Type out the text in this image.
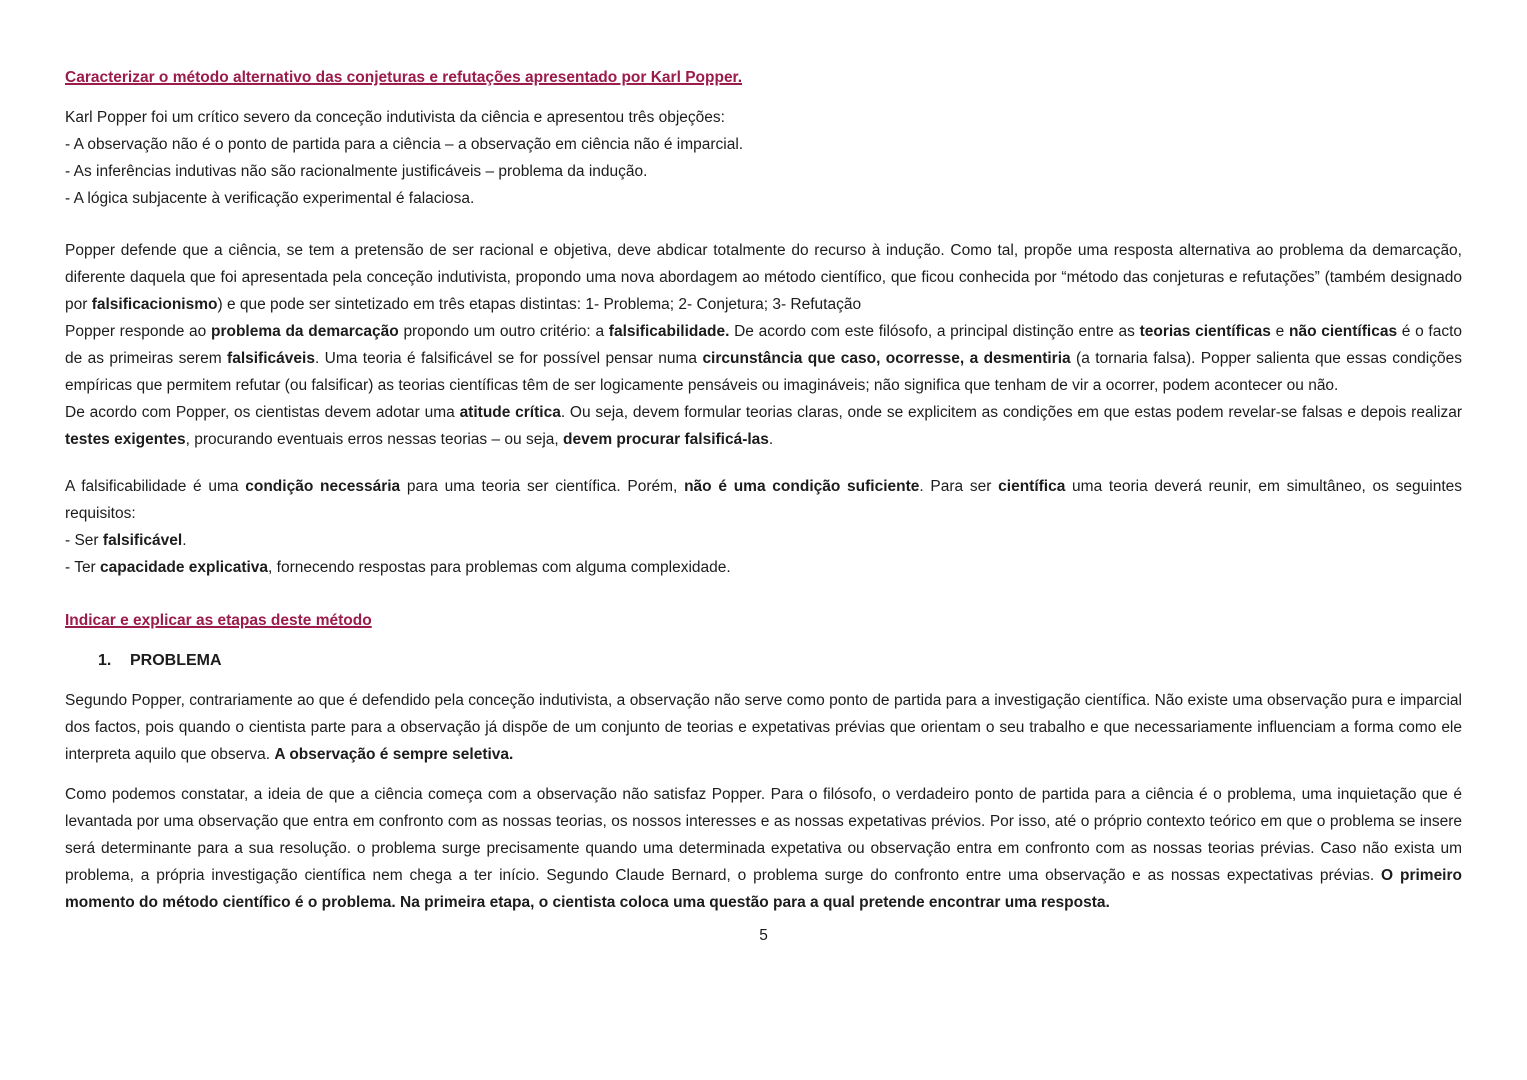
Caracterizar o método alternativo das conjeturas e refutações apresentado por Karl Popper.
Karl Popper foi um crítico severo da conceção indutivista da ciência e apresentou três objeções:
- A observação não é o ponto de partida para a ciência – a observação em ciência não é imparcial.
- As inferências indutivas não são racionalmente justificáveis – problema da indução.
- A lógica subjacente à verificação experimental é falaciosa.

Popper defende que a ciência, se tem a pretensão de ser racional e objetiva, deve abdicar totalmente do recurso à indução. Como tal, propõe uma resposta alternativa ao problema da demarcação, diferente daquela que foi apresentada pela conceção indutivista, propondo uma nova abordagem ao método científico, que ficou conhecida por “método das conjeturas e refutações” (também designado por falsificacionismo) e que pode ser sintetizado em três etapas distintas: 1- Problema; 2- Conjetura; 3- Refutação
Popper responde ao problema da demarcação propondo um outro critério: a falsificabilidade. De acordo com este filósofo, a principal distinção entre as teorias científicas e não científicas é o facto de as primeiras serem falsificáveis. Uma teoria é falsificável se for possível pensar numa circunstância que caso, ocorresse, a desmentiria (a tornaria falsa). Popper salienta que essas condições empíricas que permitem refutar (ou falsificar) as teorias científicas têm de ser logicamente pensáveis ou imagináveis; não significa que tenham de vir a ocorrer, podem acontecer ou não.

De acordo com Popper, os cientistas devem adotar uma atitude crítica. Ou seja, devem formular teorias claras, onde se explicitem as condições em que estas podem revelar-se falsas e depois realizar testes exigentes, procurando eventuais erros nessas teorias – ou seja, devem procurar falsificá-las.

A falsificabilidade é uma condição necessária para uma teoria ser científica. Porém, não é uma condição suficiente. Para ser científica uma teoria deverá reunir, em simultâneo, os seguintes requisitos:

- Ser falsificável.
- Ter capacidade explicativa, fornecendo respostas para problemas com alguma complexidade.
Indicar e explicar as etapas deste método
1. PROBLEMA

Segundo Popper, contrariamente ao que é defendido pela conceção indutivista, a observação não serve como ponto de partida para a investigação científica. Não existe uma observação pura e imparcial dos factos, pois quando o cientista parte para a observação já dispõe de um conjunto de teorias e expetativas prévias que orientam o seu trabalho e que necessariamente influenciam a forma como ele interpreta aquilo que observa. A observação é sempre seletiva.

Como podemos constatar, a ideia de que a ciência começa com a observação não satisfaz Popper. Para o filósofo, o verdadeiro ponto de partida para a ciência é o problema, uma inquietação que é levantada por uma observação que entra em confronto com as nossas teorias, os nossos interesses e as nossas expetativas prévios. Por isso, até o próprio contexto teórico em que o problema se insere será determinante para a sua resolução. o problema surge precisamente quando uma determinada expetativa ou observação entra em confronto com as nossas teorias prévias. Caso não exista um problema, a própria investigação científica nem chega a ter início. Segundo Claude Bernard, o problema surge do confronto entre uma observação e as nossas expectativas prévias. O primeiro momento do método científico é o problema. Na primeira etapa, o cientista coloca uma questão para a qual pretende encontrar uma resposta.

5
